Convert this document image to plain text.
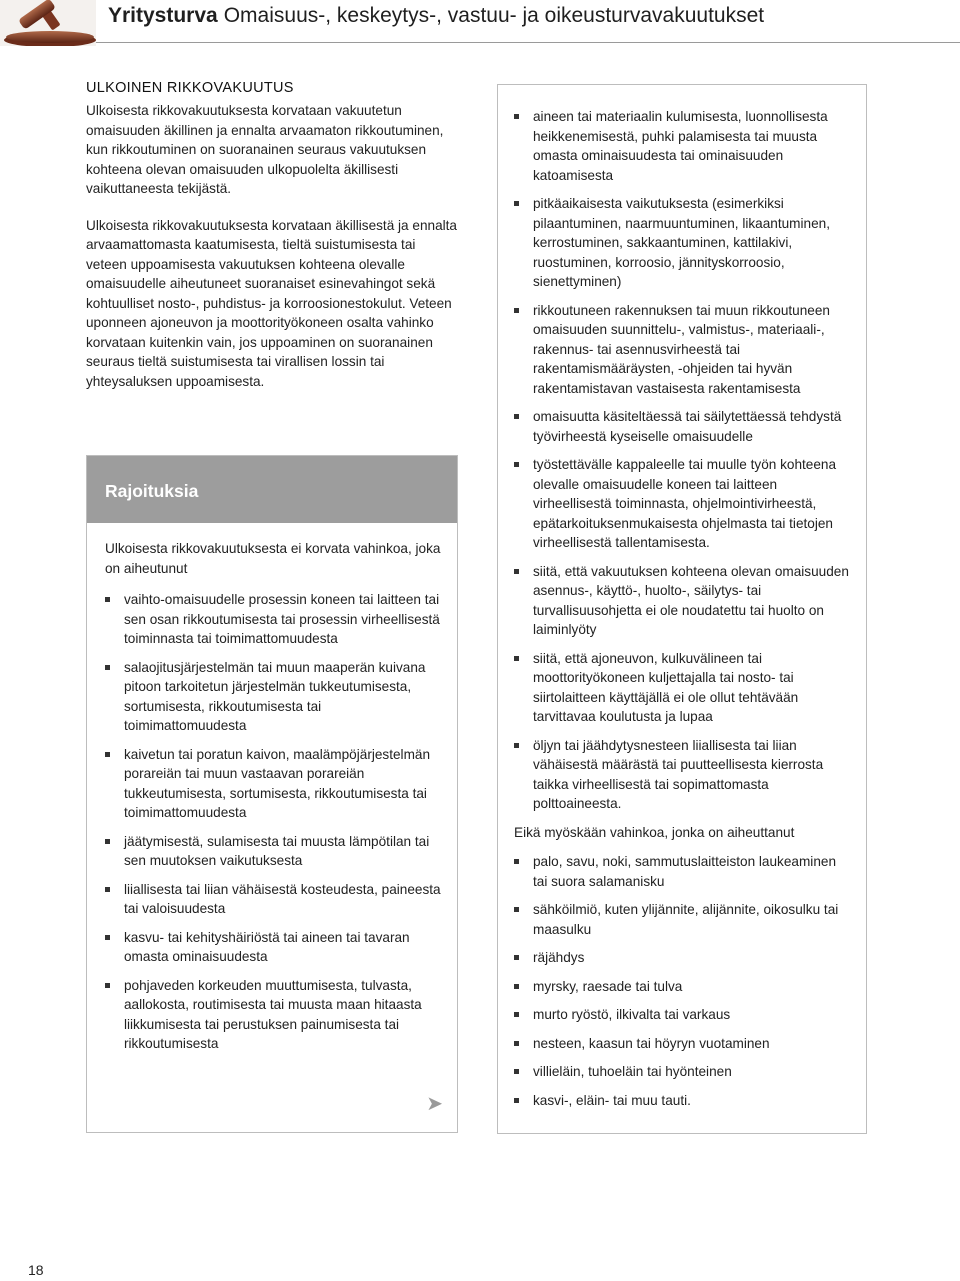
Yritysturva Omaisuus-, keskeytys-, vastuu- ja oikeusturvavakuutukset
ULKOINEN RIKKOVAKUUTUS

Ulkoisesta rikkovakuutuksesta korvataan vakuutetun omaisuuden äkillinen ja ennalta arvaamaton rikkoutuminen, kun rikkoutuminen on suoranainen seuraus vakuutuksen kohteena olevan omaisuuden ulkopuolelta äkillisesti vaikuttaneesta tekijästä.

Ulkoisesta rikkovakuutuksesta korvataan äkillisestä ja ennalta arvaamattomasta kaatumisesta, tieltä suistumisesta tai veteen uppoamisesta vakuutuksen kohteena olevalle omaisuudelle aiheutuneet suoranaiset esinevahingot sekä kohtuulliset nosto-, puhdistus- ja korroosionestokulut. Veteen uponneen ajoneuvon ja moottorityökoneen osalta vahinko korvataan kuitenkin vain, jos uppoaminen on suoranainen seuraus tieltä suistumisesta tai virallisen lossin tai yhteysaluksen uppoamisesta.

Rajoituksia

Ulkoisesta rikkovakuutuksesta ei korvata vahinkoa, joka on aiheutunut

vaihto-omaisuudelle prosessin koneen tai laitteen tai sen osan rikkoutumisesta tai prosessin virheellisestä toiminnasta tai toimimattomuudesta
salaojitusjärjestelmän tai muun maaperän kuivana pitoon tarkoitetun järjestelmän tukkeutumisesta, sortumisesta, rikkoutumisesta tai toimimattomuudesta
kaivetun tai poratun kaivon, maalämpöjärjestelmän porareiän tai muun vastaavan porareiän tukkeutumisesta, sortumisesta, rikkoutumisesta tai toimimattomuudesta
jäätymisestä, sulamisesta tai muusta lämpötilan tai sen muutoksen vaikutuksesta
liiallisesta tai liian vähäisestä kosteudesta, paineesta tai valoisuudesta
kasvu- tai kehityshäiriöstä tai aineen tai tavaran omasta ominaisuudesta
pohjaveden korkeuden muuttumisesta, tulvasta, aallokosta, routimisesta tai muusta maan hitaasta liikkumisesta tai perustuksen painumisesta tai rikkoutumisesta
➤
aineen tai materiaalin kulumisesta, luonnollisesta heikkenemisestä, puhki palamisesta tai muusta omasta ominaisuudesta tai ominaisuuden katoamisesta
pitkäaikaisesta vaikutuksesta (esimerkiksi pilaantuminen, naarmuuntuminen, likaantuminen, kerrostuminen, sakkaantuminen, kattilakivi, ruostuminen, korroosio, jännityskorroosio, sienettyminen)
rikkoutuneen rakennuksen tai muun rikkoutuneen omaisuuden suunnittelu-, valmistus-, materiaali-, rakennus- tai asennusvirheestä tai rakentamismääräysten, -ohjeiden tai hyvän rakentamistavan vastaisesta rakentamisesta
omaisuutta käsiteltäessä tai säilytettäessä tehdystä työvirheestä kyseiselle omaisuudelle
työstettävälle kappaleelle tai muulle työn kohteena olevalle omaisuudelle koneen tai laitteen virheellisestä toiminnasta, ohjelmointivirheestä, epätarkoituksenmukaisesta ohjelmasta tai tietojen virheellisestä tallentamisesta.
siitä, että vakuutuksen kohteena olevan omaisuuden asennus-, käyttö-, huolto-, säilytys- tai turvallisuusohjetta ei ole noudatettu tai huolto on laiminlyöty
siitä, että ajoneuvon, kulkuvälineen tai moottorityökoneen kuljettajalla tai nosto- tai siirtolaitteen käyttäjällä ei ole ollut tehtävään tarvittavaa koulutusta ja lupaa
öljyn tai jäähdytysnesteen liiallisesta tai liian vähäisestä määrästä tai puutteellisesta kierrosta taikka virheellisestä tai sopimattomasta polttoaineesta.

Eikä myöskään vahinkoa, jonka on aiheuttanut

palo, savu, noki, sammutuslaitteiston laukeaminen tai suora salamanisku
sähköilmiö, kuten ylijännite, alijännite, oikosulku tai maasulku
räjähdys
myrsky, raesade tai tulva
murto ryöstö, ilkivalta tai varkaus
nesteen, kaasun tai höyryn vuotaminen
villieläin, tuhoeläin tai hyönteinen
kasvi-, eläin- tai muu tauti.
18
